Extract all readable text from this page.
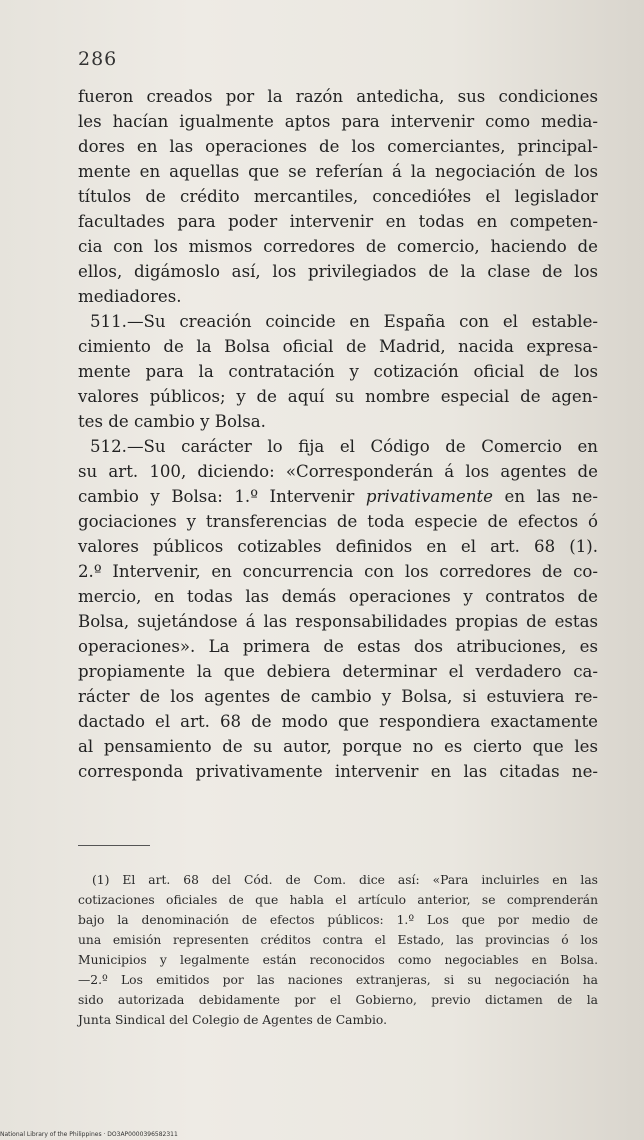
286

fueron creados por la razón antedicha, sus condiciones

les hacían igualmente aptos para intervenir como media-

dores en las operaciones de los comerciantes, principal-

mente en aquellas que se referían á la negociación de los

títulos de crédito mercantiles, concediółes el legislador

facultades para poder intervenir en todas en competen-

cia con los mismos corredores de comercio, haciendo de

ellos, digámoslo así, los privilegiados de la clase de los

mediadores.

511.—Su creación coincide en España con el estable-

cimiento de la Bolsa oficial de Madrid, nacida expresa-

mente para la contratación y cotización oficial de los

valores públicos; y de aquí su nombre especial de agen-

tes de cambio y Bolsa.

512.—Su carácter lo fija el Código de Comercio en

su art. 100, diciendo: «Corresponderán á los agentes de

cambio y Bolsa: 1.º Intervenir privativamente en las ne-

gociaciones y transferencias de toda especie de efectos ó

valores públicos cotizables definidos en el art. 68 (1).

2.º Intervenir, en concurrencia con los corredores de co-

mercio, en todas las demás operaciones y contratos de

Bolsa, sujetándose á las responsabilidades propias de estas

operaciones». La primera de estas dos atribuciones, es

propiamente la que debiera determinar el verdadero ca-

rácter de los agentes de cambio y Bolsa, si estuviera re-

dactado el art. 68 de modo que respondiera exactamente

al pensamiento de su autor, porque no es cierto que les

corresponda privativamente intervenir en las citadas ne-

(1) El art. 68 del Cód. de Com. dice así: «Para incluirles en las

cotizaciones oficiales de que habla el artículo anterior, se comprenderán

bajo la denominación de efectos públicos: 1.º Los que por medio de

una emisión representen créditos contra el Estado, las provincias ó los

Municipios y legalmente están reconocidos como negociables en Bolsa.

—2.º Los emitidos por las naciones extranjeras, si su negociación ha

sido autorizada debidamente por el Gobierno, previo dictamen de la

Junta Sindical del Colegio de Agentes de Cambio.

National Library of the Philippines · DO3AP0000396582311
